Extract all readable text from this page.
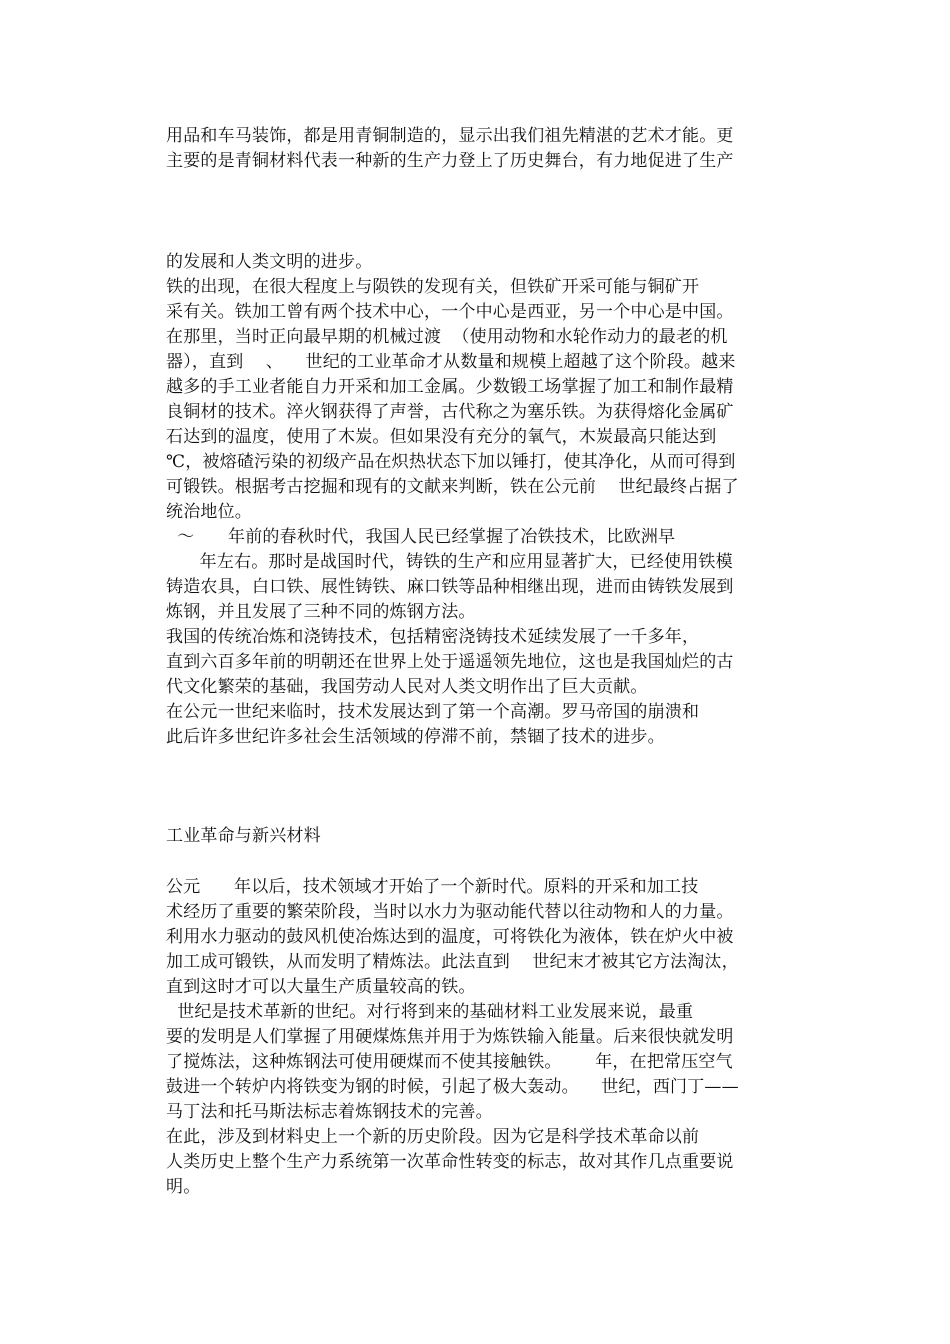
用品和车马装饰，都是用青铜制造的，显示出我们祖先精湛的艺术才能。更
主要的是青铜材料代表一种新的生产力登上了历史舞台，有力地促进了生产
的发展和人类文明的进步。
铁的出现，在很大程度上与陨铁的发现有关，但铁矿开采可能与铜矿开
采有关。铁加工曾有两个技术中心，一个中心是西亚，另一个中心是中国。
在那里，当时正向最早期的机械过渡  （使用动物和水轮作动力的最老的机
器），直到    、    世纪的工业革命才从数量和规模上超越了这个阶段。越来
越多的手工业者能自力开采和加工金属。少数锻工场掌握了加工和制作最精
良铜材的技术。淬火钢获得了声誉，古代称之为塞乐铁。为获得熔化金属矿
石达到的温度，使用了木炭。但如果没有充分的氧气，木炭最高只能达到
℃，被熔碴污染的初级产品在炽热状态下加以锤打，使其净化，从而可得到
可锻铁。根据考古挖掘和现有的文献来判断，铁在公元前    世纪最终占据了
统治地位。
～      年前的春秋时代，我国人民已经掌握了冶铁技术，比欧洲早
年左右。那时是战国时代，铸铁的生产和应用显著扩大，已经使用铁模
铸造农具，白口铁、展性铸铁、麻口铁等品种相继出现，进而由铸铁发展到
炼钢，并且发展了三种不同的炼钢方法。
我国的传统冶炼和浇铸技术，包括精密浇铸技术延续发展了一千多年，
直到六百多年前的明朝还在世界上处于遥遥领先地位，这也是我国灿烂的古
代文化繁荣的基础，我国劳动人民对人类文明作出了巨大贡献。
在公元一世纪来临时，技术发展达到了第一个高潮。罗马帝国的崩溃和
此后许多世纪许多社会生活领域的停滞不前，禁锢了技术的进步。
工业革命与新兴材料
公元      年以后，技术领域才开始了一个新时代。原料的开采和加工技
术经历了重要的繁荣阶段，当时以水力为驱动能代替以往动物和人的力量。
利用水力驱动的鼓风机使冶炼达到的温度，可将铁化为液体，铁在炉火中被
加工成可锻铁，从而发明了精炼法。此法直到    世纪末才被其它方法淘汰，
直到这时才可以大量生产质量较高的铁。
世纪是技术革新的世纪。对行将到来的基础材料工业发展来说，最重
要的发明是人们掌握了用硬煤炼焦并用于为炼铁输入能量。后来很快就发明
了搅炼法，这种炼钢法可使用硬煤而不使其接触铁。      年，在把常压空气
鼓进一个转炉内将铁变为钢的时候，引起了极大轰动。    世纪，西门丁——
马丁法和托马斯法标志着炼钢技术的完善。
在此，涉及到材料史上一个新的历史阶段。因为它是科学技术革命以前
人类历史上整个生产力系统第一次革命性转变的标志，故对其作几点重要说
明。
